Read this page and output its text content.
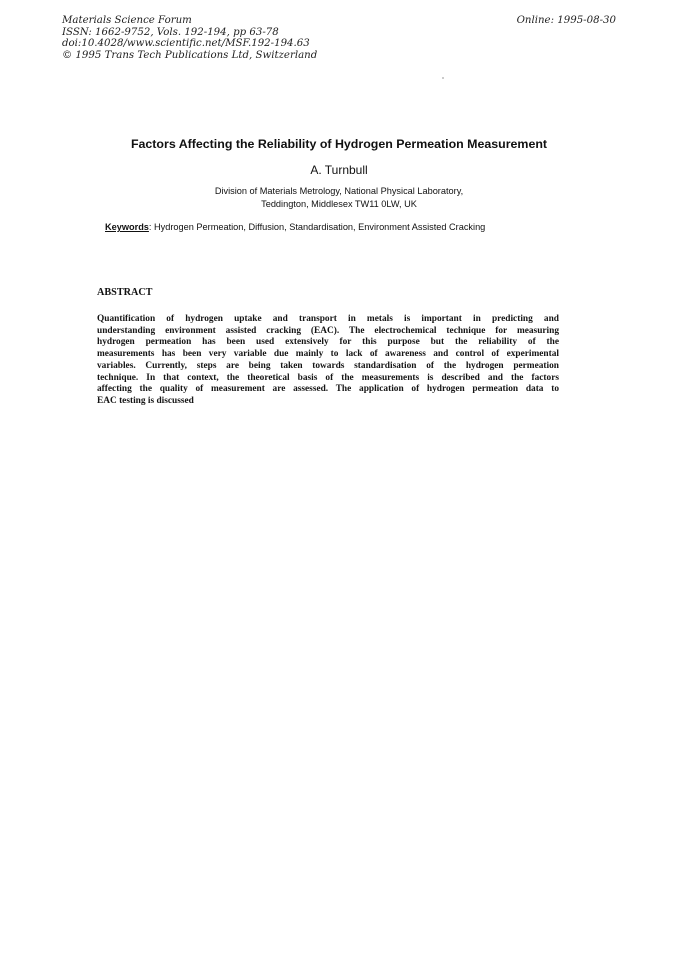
Materials Science Forum
ISSN: 1662-9752, Vols. 192-194, pp 63-78
doi:10.4028/www.scientific.net/MSF.192-194.63
© 1995 Trans Tech Publications Ltd, Switzerland
Online: 1995-08-30
Factors Affecting the Reliability of Hydrogen Permeation Measurement
A. Turnbull
Division of Materials Metrology, National Physical Laboratory,
Teddington, Middlesex TW11 0LW, UK
Keywords: Hydrogen Permeation, Diffusion, Standardisation, Environment Assisted Cracking
ABSTRACT
Quantification of hydrogen uptake and transport in metals is important in predicting and
understanding environment assisted cracking (EAC). The electrochemical technique for measuring
hydrogen permeation has been used extensively for this purpose but the reliability of the
measurements has been very variable due mainly to lack of awareness and control of experimental
variables. Currently, steps are being taken towards standardisation of the hydrogen permeation
technique. In that context, the theoretical basis of the measurements is described and the factors
affecting the quality of measurement are assessed. The application of hydrogen permeation data to
EAC testing is discussed
